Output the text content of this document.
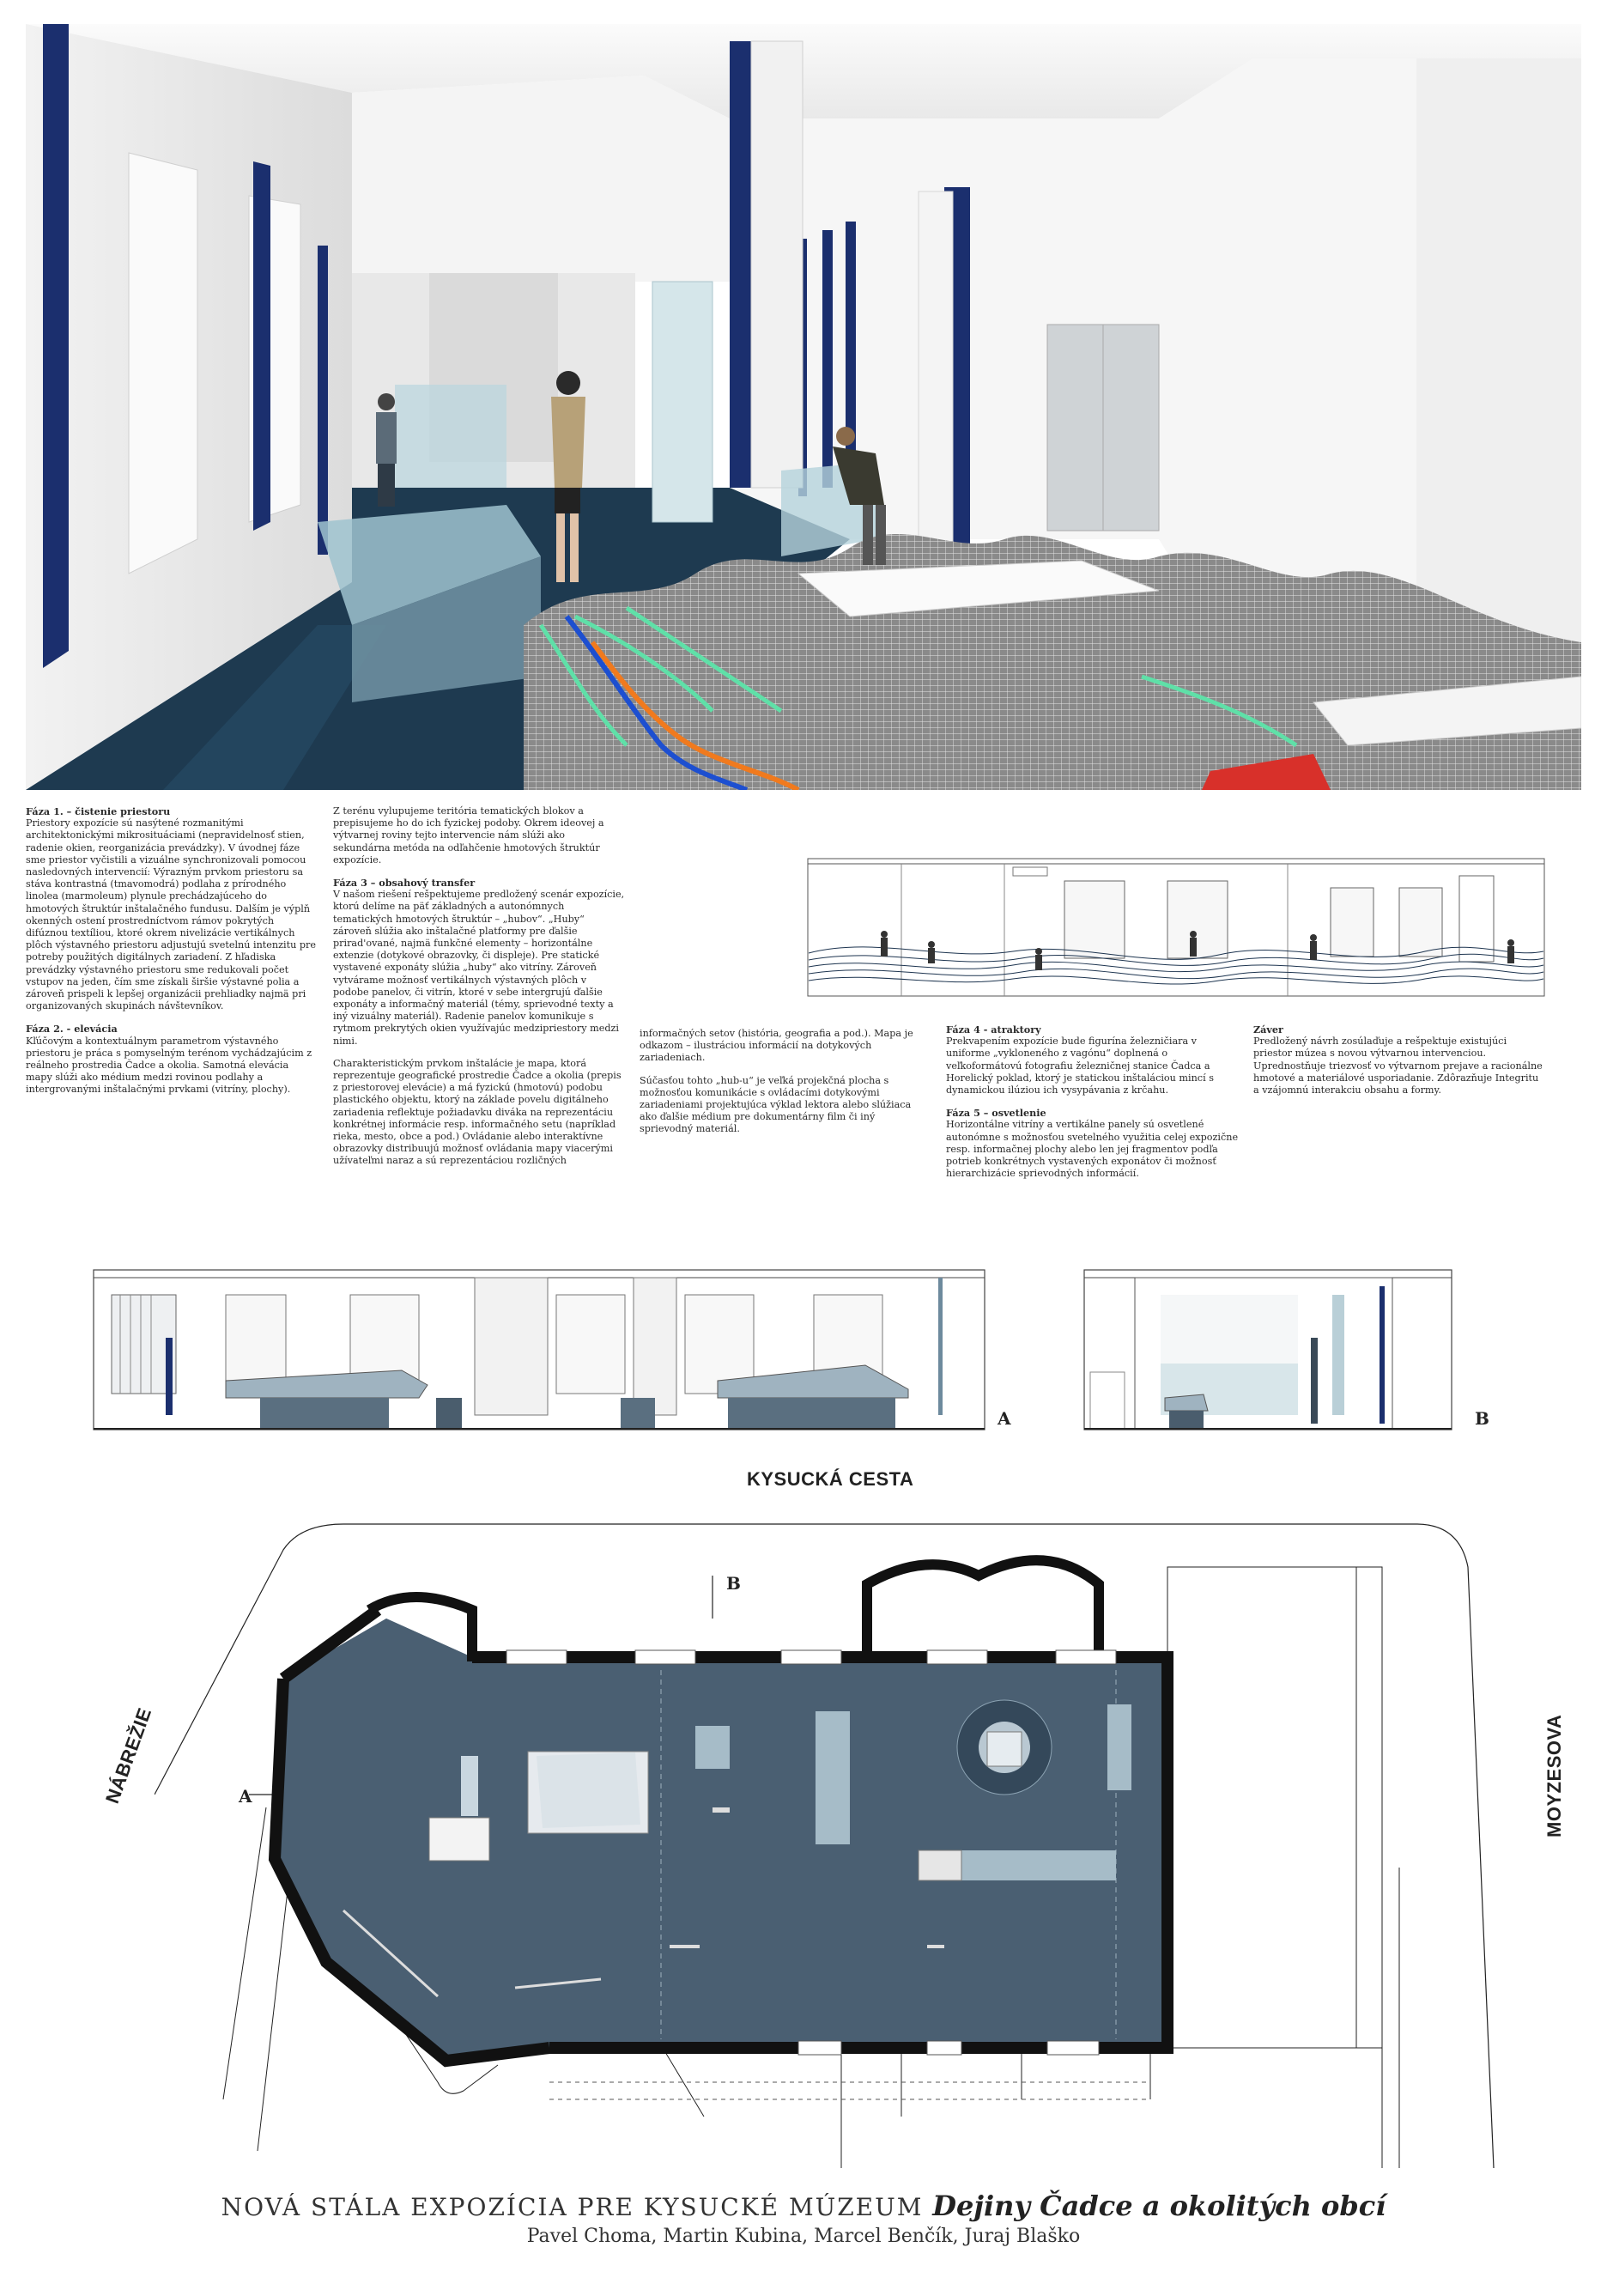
Fáza 1. – čistenie priestoru

Priestory expozície sú nasýtené rozmanitými architektonickými mikrosituáciami (nepravidelnosť stien, radenie okien, reorganizácia prevádzky). V úvodnej fáze sme priestor vyčistili a vizuálne synchronizovali pomocou nasledovných intervencií: Výrazným prvkom priestoru sa stáva kontrastná (tmavomodrá) podlaha z prírodného linolea (marmoleum) plynule prechádzajúceho do hmotových štruktúr inštalačného fundusu. Dalším je výplň okenných ostení prostredníctvom rámov pokrytých difúznou textíliou, ktoré okrem nivelizácie vertikálnych plôch výstavného priestoru adjustujú svetelnú intenzitu pre potreby použitých digitálnych zariadení. Z hľadiska prevádzky výstavného priestoru sme redukovali počet vstupov na jeden, čím sme získali širšie výstavné polia a zároveň prispeli k lepšej organizácii prehliadky najmä pri organizovaných skupinách návštevníkov.

Fáza 2. - elevácia

Kľúčovým a kontextuálnym parametrom výstavného priestoru je práca s pomyselným terénom vychádzajúcim z reálneho prostredia Čadce a okolia. Samotná elevácia mapy slúži ako médium medzi rovinou podlahy a intergrovanými inštalačnými prvkami (vitríny, plochy).

Z terénu vylupujeme teritória tematických blokov a prepisujeme ho do ich fyzickej podoby. Okrem ideovej a výtvarnej roviny tejto intervencie nám slúži ako sekundárna metóda na odľahčenie hmotových štruktúr expozície.

Fáza 3 – obsahový transfer

V našom riešení rešpektujeme predložený scenár expozície, ktorú delíme na päť základných a autonómnych tematických hmotových štruktúr – „hubov“. „Huby“ zároveň slúžia ako inštalačné platformy pre ďalšie prirad'ované, najmä funkčné elementy – horizontálne extenzie (dotykové obrazovky, či displeje). Pre statické vystavené exponáty slúžia „huby“ ako vitríny. Zároveň vytvárame možnosť vertikálnych výstavných plôch v podobe panelov, či vitrín, ktoré v sebe intergrujú ďalšie exponáty a informačný materiál (témy, sprievodné texty a iný vizuálny materiál). Radenie panelov komunikuje s rytmom prekrytých okien využívajúc medzipriestory medzi nimi.

Charakteristickým prvkom inštalácie je mapa, ktorá reprezentuje geografické prostredie Čadce a okolia (prepis z priestorovej elevácie) a má fyzickú (hmotovú) podobu plastického objektu, ktorý na základe povelu digitálneho zariadenia reflektuje požiadavku diváka na reprezentáciu konkrétnej informácie resp. informačného setu (napríklad rieka, mesto, obce a pod.) Ovládanie alebo interaktívne obrazovky distribuujú možnosť ovládania mapy viacerými užívateľmi naraz a sú reprezentáciou rozličných

informačných setov (história, geografia a pod.). Mapa je odkazom – ilustráciou informácií na dotykových zariadeniach.

Súčasťou tohto „hub-u“ je veľká projekčná plocha s možnosťou komunikácie s ovládacími dotykovými zariadeniami projektujúca výklad lektora alebo slúžiaca ako ďalšie médium pre dokumentárny film či iný sprievodný materiál.

Fáza 4 - atraktory

Prekvapením expozície bude figurína železničiara v uniforme „vykloneného z vagónu“ doplnená o veľkoformátovú fotografiu železničnej stanice Čadca a Horelický poklad, ktorý je statickou inštaláciou mincí s dynamickou ilúziou ich vysypávania z krčahu.

Fáza 5 – osvetlenie

Horizontálne vitríny a vertikálne panely sú osvetlené autonómne s možnosťou svetelného využitia celej expozične resp. informačnej plochy alebo len jej fragmentov podľa potrieb konkrétnych vystavených exponátov či možnosť hierarchizácie sprievodných informácií.

Záver

Predložený návrh zosúlaďuje a rešpektuje existujúci priestor múzea s novou výtvarnou intervenciou. Uprednostňuje triezvosť vo výtvarnom prejave a racionálne hmotové a materiálové usporiadanie. Zdôrazňuje Integritu a vzájomnú interakciu obsahu a formy.

A	B
KYSUCKÁ CESTA
NÁBREŽIE	MOYZESOVA
A
B
NOVÁ STÁLA EXPOZÍCIA PRE KYSUCKÉ MÚZEUM Dejiny Čadce a okolitých obcí
Pavel Choma, Martin Kubina, Marcel Benčík, Juraj Blaško
